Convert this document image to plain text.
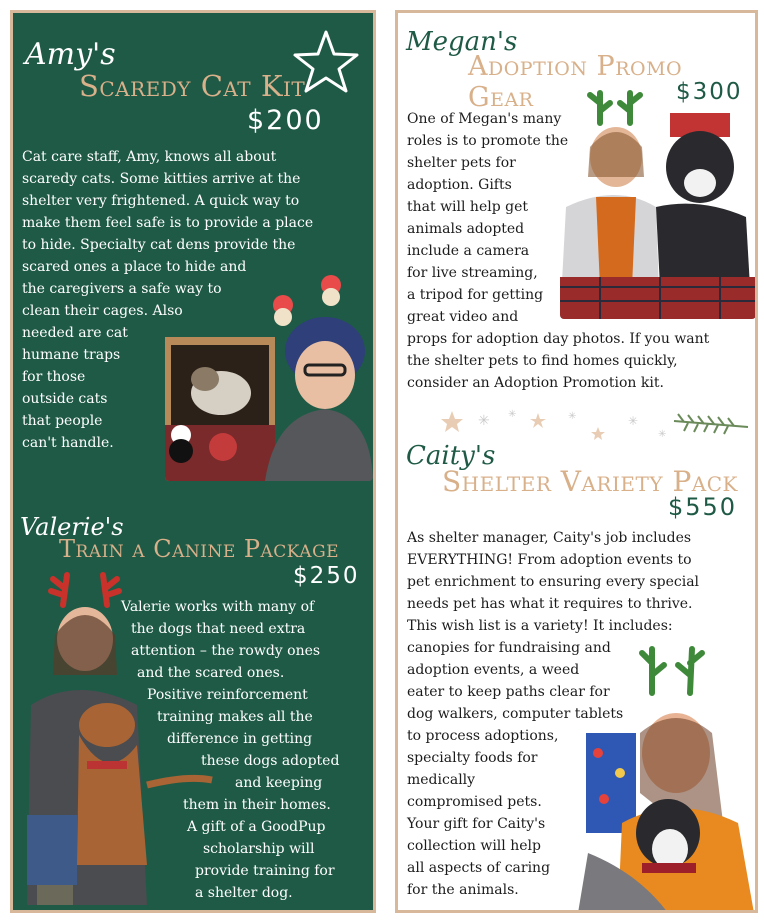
Amy's
Scaredy Cat Kit
$200
Cat care staff, Amy, knows all about
scaredy cats. Some kitties arrive at the
shelter very frightened. A quick way to
make them feel safe is to provide a place
to hide. Specialty cat dens provide the
scared ones a place to hide and
the caregivers a safe way to
clean their cages. Also
needed are cat
humane traps
for those
outside cats
that people
can't handle.
Valerie's
Train a Canine Package
$250
Valerie works with many of
the dogs that need extra
attention – the rowdy ones
and the scared ones.
Positive reinforcement
training makes all the
difference in getting
these dogs adopted
and keeping
them in their homes.
A gift of a GoodPup
scholarship will
provide training for
a shelter dog.
Megan's
Adoption Promo Gear	$300
One of Megan's many
roles is to promote the
shelter pets for
adoption. Gifts
that will help get
animals adopted
include a camera
for live streaming,
a tripod for getting
great video and
props for adoption day photos. If you want
the shelter pets to find homes quickly,
consider an Adoption Promotion kit.
✳ ✳	✳	✳
✳
Caity's
Shelter Variety Pack
$550
As shelter manager, Caity's job includes
EVERYTHING! From adoption events to
pet enrichment to ensuring every special
needs pet has what it requires to thrive.
This wish list is a variety! It includes:
canopies for fundraising and
adoption events, a weed
eater to keep paths clear for
dog walkers, computer tablets
to process adoptions,
specialty foods for
medically
compromised pets.
Your gift for Caity's
collection will help
all aspects of caring
for the animals.
